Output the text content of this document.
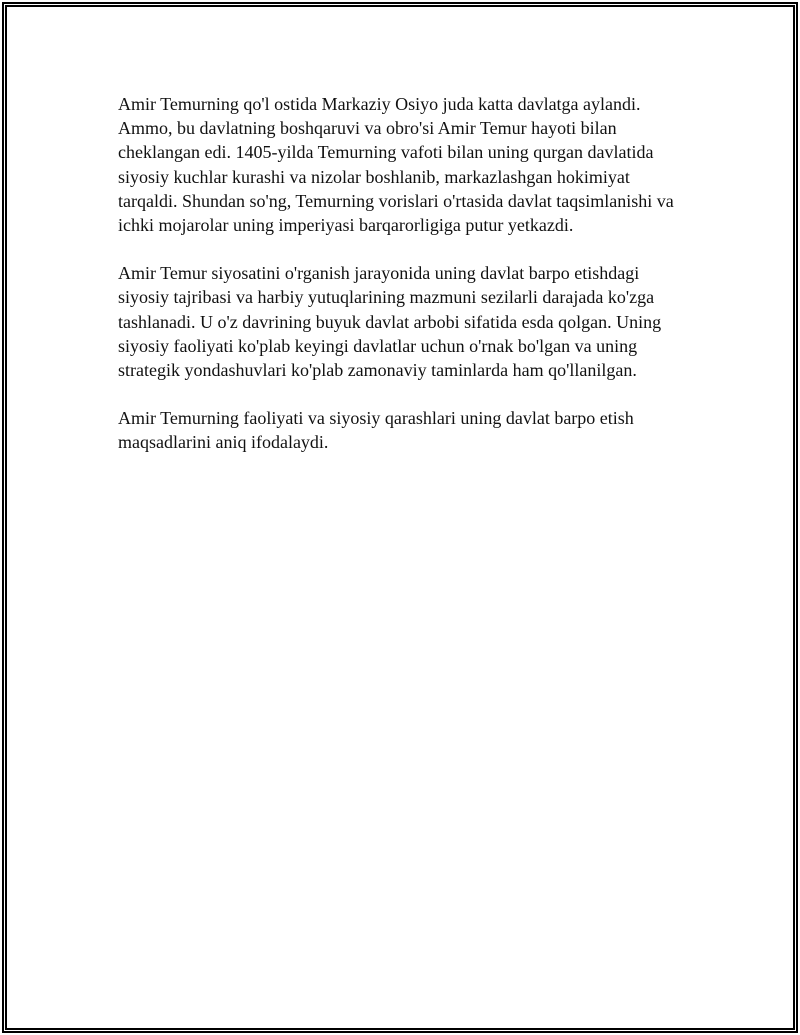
Amir Temurning qo'l ostida Markaziy Osiyo juda katta davlatga aylandi. Ammo, bu davlatning boshqaruvi va obro'si Amir Temur hayoti bilan cheklangan edi. 1405-yilda Temurning vafoti bilan uning qurgan davlatida siyosiy kuchlar kurashi va nizolar boshlanib, markazlashgan hokimiyat tarqaldi. Shundan so'ng, Temurning vorislari o'rtasida davlat taqsimlanishi va ichki mojarolar uning imperiyasi barqarorligiga putur yetkazdi.

Amir Temur siyosatini o'rganish jarayonida uning davlat barpo etishdagi siyosiy tajribasi va harbiy yutuqlarining mazmuni sezilarli darajada ko'zga tashlanadi. U o'z davrining buyuk davlat arbobi sifatida esda qolgan. Uning siyosiy faoliyati ko'plab keyingi davlatlar uchun o'rnak bo'lgan va uning strategik yondashuvlari ko'plab zamonaviy taminlarda ham qo'llanilgan.

Amir Temurning faoliyati va siyosiy qarashlari uning davlat barpo etish maqsadlarini aniq ifodalaydi.
